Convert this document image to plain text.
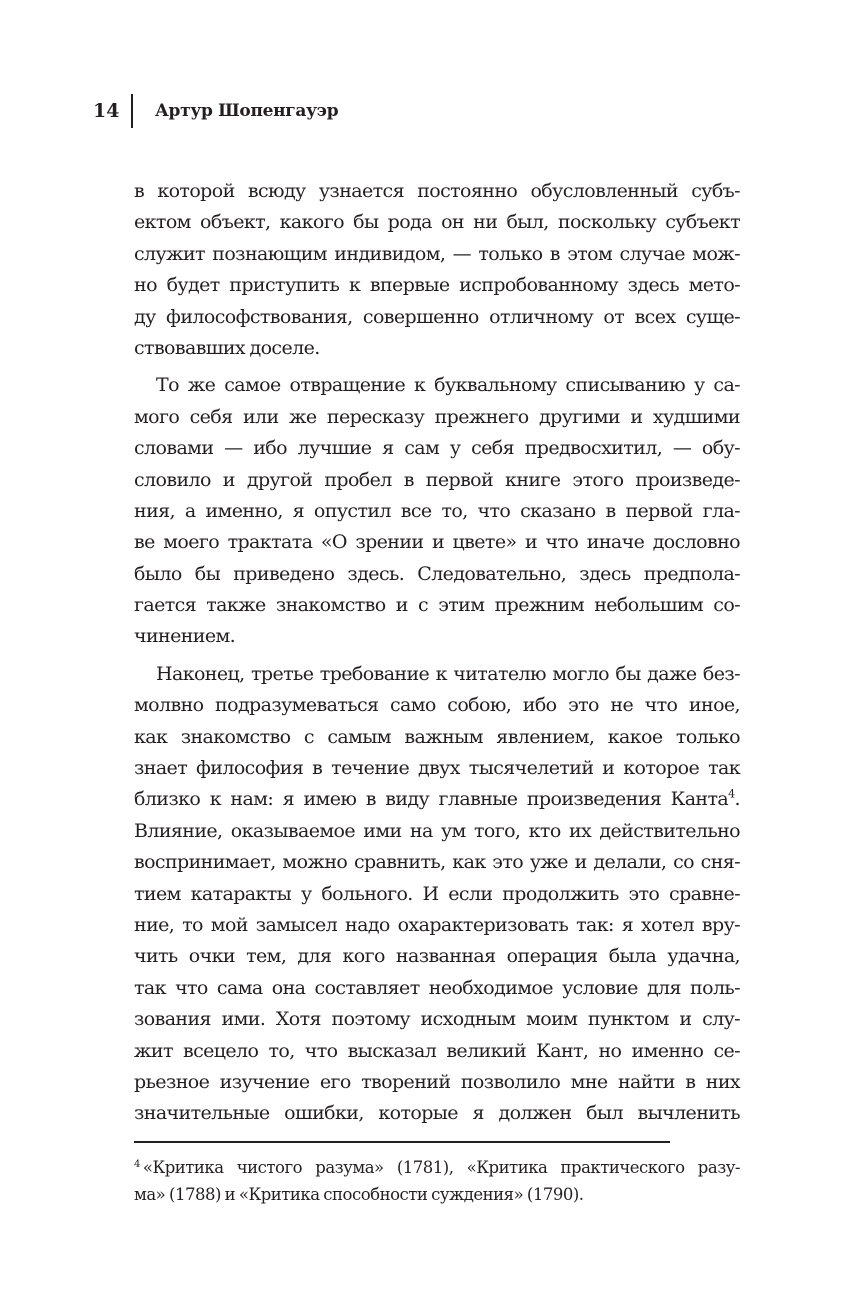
14	Артур Шопенгауэр
в которой всюду узнается постоянно обусловленный субъ-
ектом объект, какого бы рода он ни был, поскольку субъект
служит познающим индивидом, — только в этом случае мож-
но будет приступить к впервые испробованному здесь мето-
ду философствования, совершенно отличному от всех суще-
ствовавших доселе.
То же самое отвращение к буквальному списыванию у са-
мого себя или же пересказу прежнего другими и худшими
словами — ибо лучшие я сам у себя предвосхитил, — обу-
словило и другой пробел в первой книге этого произведе-
ния, а именно, я опустил все то, что сказано в первой гла-
ве моего трактата «О зрении и цвете» и что иначе дословно
было бы приведено здесь. Следовательно, здесь предпола-
гается также знакомство и с этим прежним небольшим со-
чинением.
Наконец, третье требование к читателю могло бы даже без-
молвно подразумеваться само собою, ибо это не что иное,
как знакомство с самым важным явлением, какое только
знает философия в течение двух тысячелетий и которое так
близко к нам: я имею в виду главные произведения Канта$^4$.
Влияние, оказываемое ими на ум того, кто их действительно
воспринимает, можно сравнить, как это уже и делали, со сня-
тием катаракты у больного. И если продолжить это сравне-
ние, то мой замысел надо охарактеризовать так: я хотел вру-
чить очки тем, для кого названная операция была удачна,
так что сама она составляет необходимое условие для поль-
зования ими. Хотя поэтому исходным моим пунктом и слу-
жит всецело то, что высказал великий Кант, но именно се-
рьезное изучение его творений позволило мне найти в них
значительные ошибки, которые я должен был вычленить
$^4$ «Критика чистого разума» (1781), «Критика практического разу-
ма» (1788) и «Критика способности суждения» (1790).
